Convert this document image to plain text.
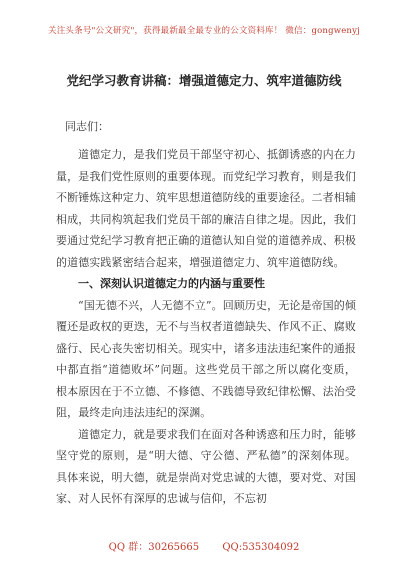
关注头条号"公文研究"，获得最新最全最专业的公文资料库！ 微信：gongwenyj
党纪学习教育讲稿：增强道德定力、筑牢道德防线

同志们：

道德定力，是我们党员干部坚守初心、抵御诱惑的内在力量，是我们党性原则的重要体现。而党纪学习教育，则是我们不断锤炼这种定力、筑牢思想道德防线的重要途径。二者相辅相成，共同构筑起我们党员干部的廉洁自律之堤。因此，我们要通过党纪学习教育把正确的道德认知自觉的道德养成、积极的道德实践紧密结合起来，增强道德定力、筑牢道德防线。

一、深刻认识道德定力的内涵与重要性

“国无德不兴，人无德不立”。回顾历史，无论是帝国的倾覆还是政权的更迭，无不与当权者道德缺失、作风不正、腐败盛行、民心丧失密切相关。现实中，诸多违法违纪案件的通报中都直指“道德败坏”问题。这些党员干部之所以腐化变质，根本原因在于不立德、不修德、不践德导致纪律松懈、法治受阻，最终走向违法违纪的深渊。

道德定力，就是要求我们在面对各种诱惑和压力时，能够坚守党的原则，是“明大德、守公德、严私德”的深刻体现。具体来说，明大德，就是崇尚对党忠诚的大德，要对党、对国家、对人民怀有深厚的忠诚与信仰，不忘初

QQ 群：30265665 QQ:535304092
